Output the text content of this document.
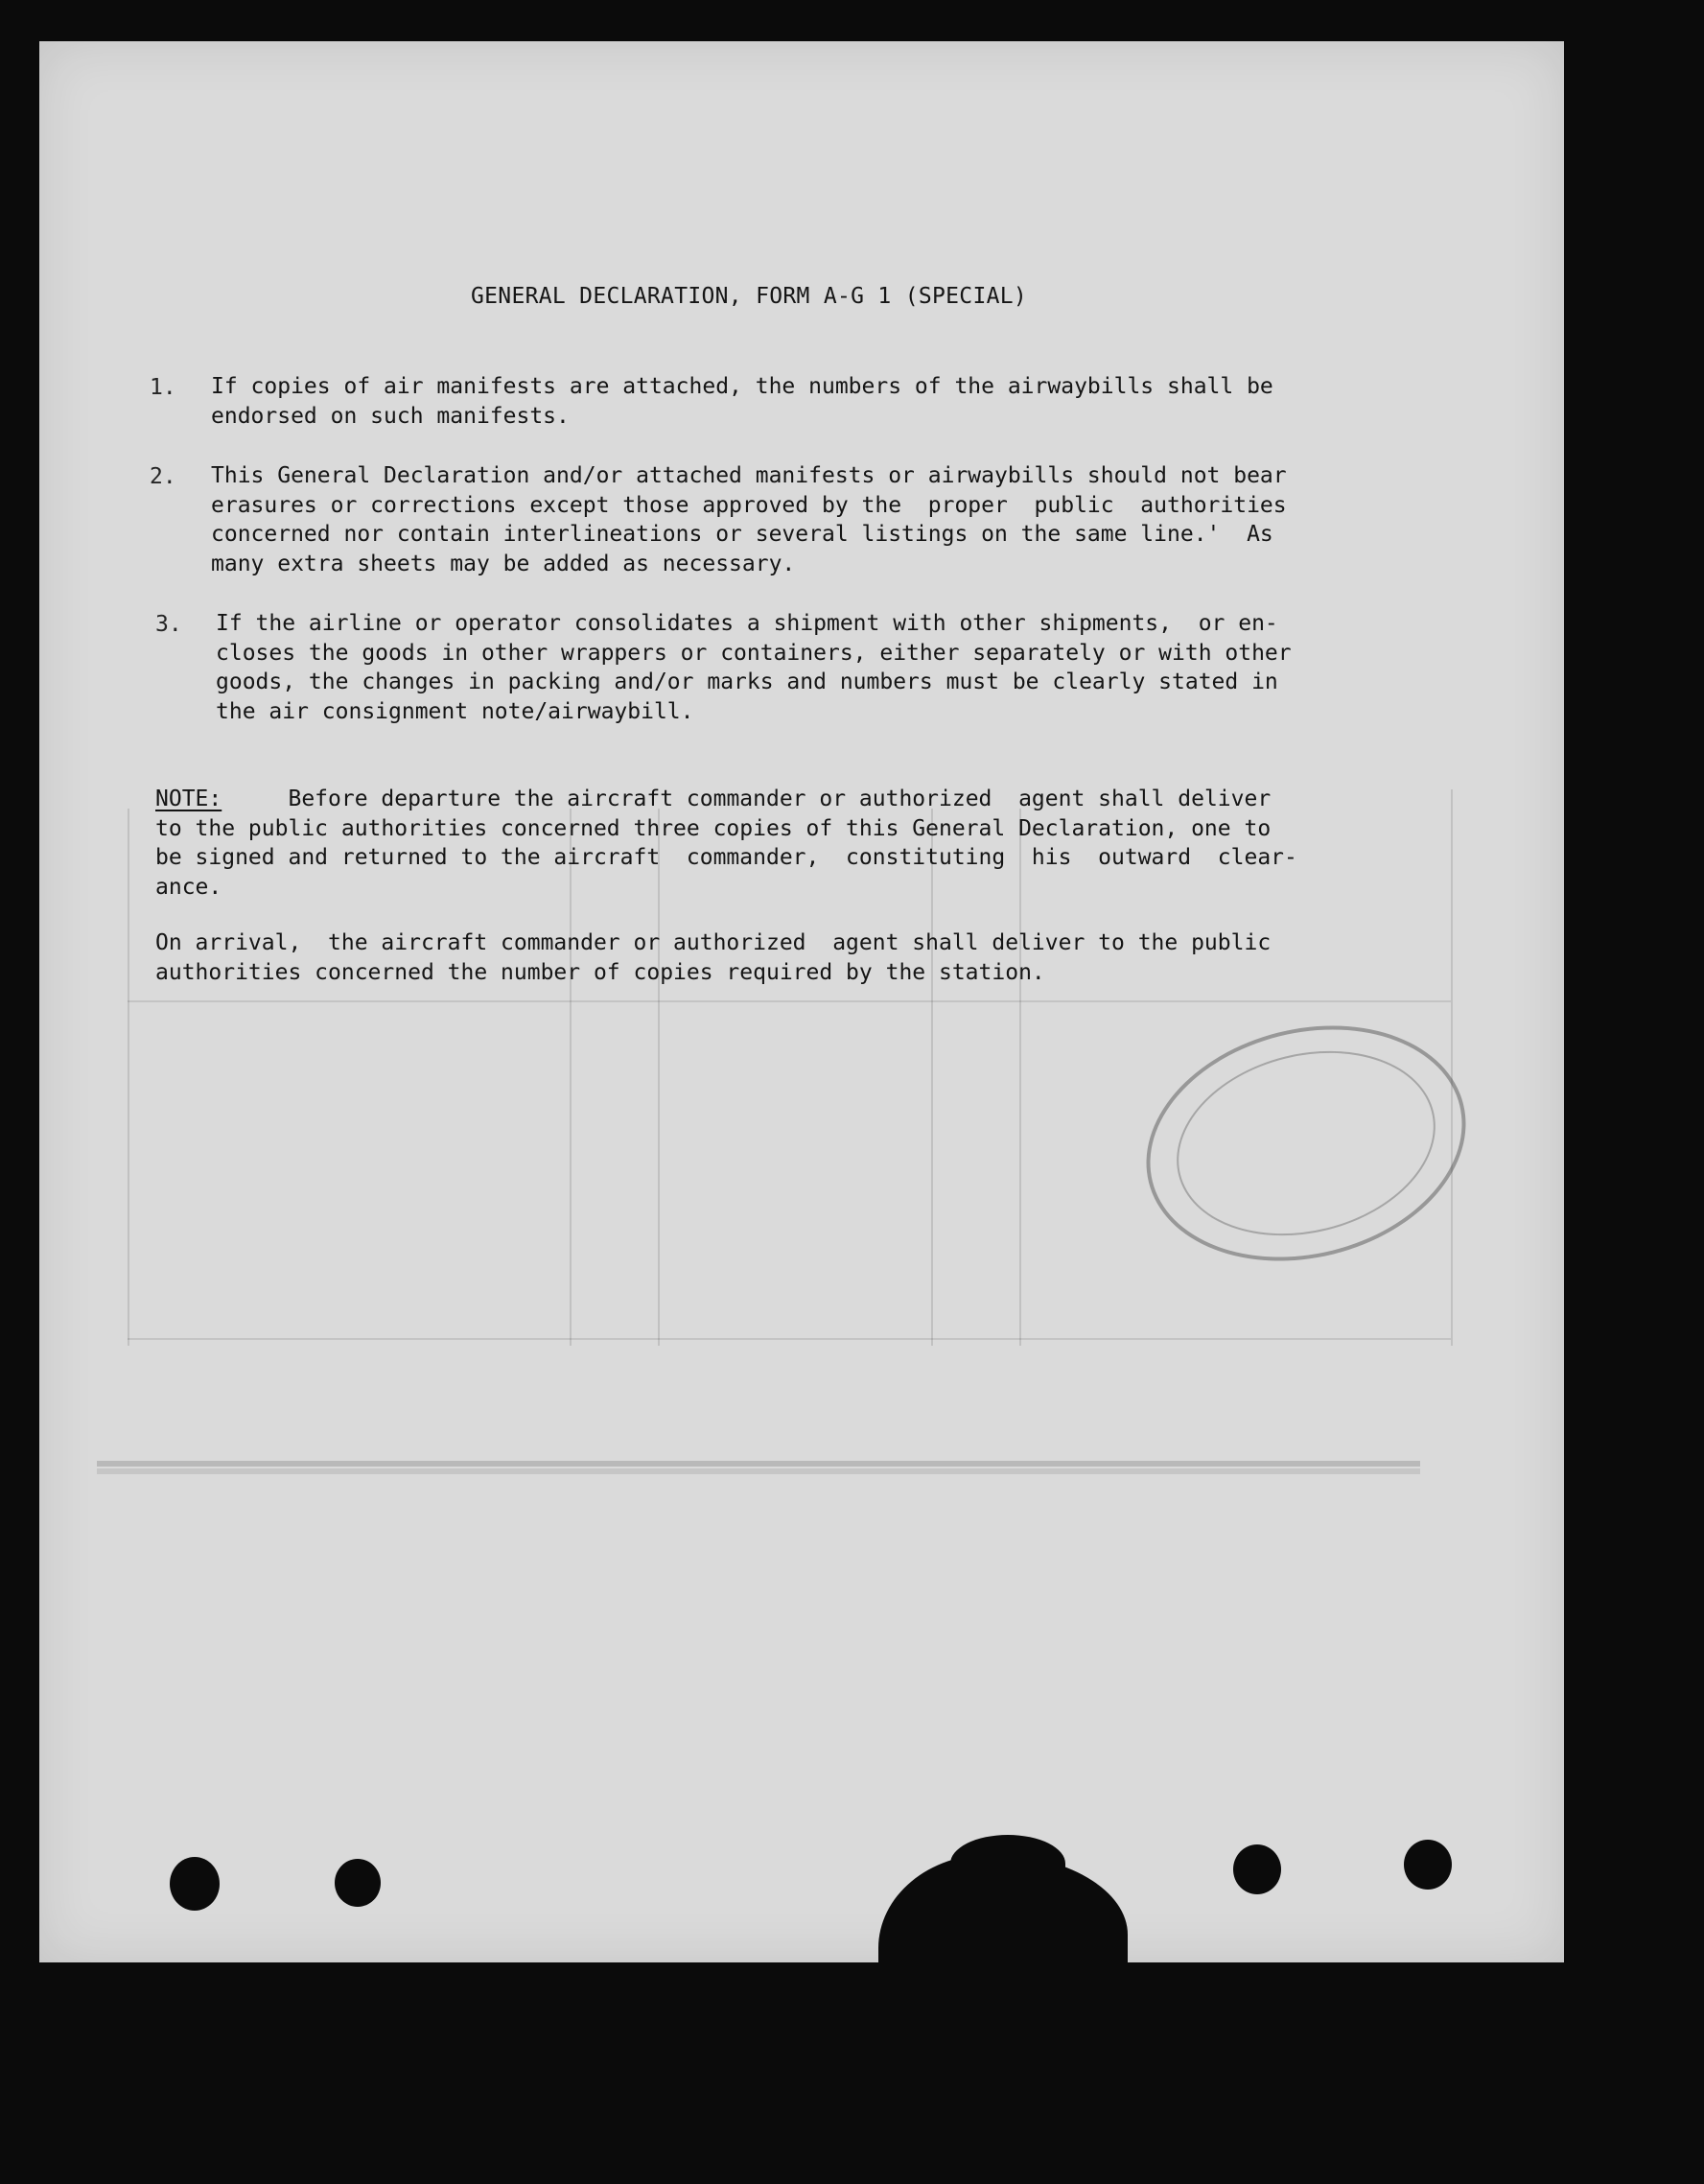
GENERAL DECLARATION, FORM A-G 1 (SPECIAL)
1. If copies of air manifests are attached, the numbers of the airwaybills shall be
endorsed on such manifests.
2. This General Declaration and/or attached manifests or airwaybills should not bear
erasures or corrections except those approved by the  proper  public  authorities
concerned nor contain interlineations or several listings on the same line.'  As
many extra sheets may be added as necessary.
3. If the airline or operator consolidates a shipment with other shipments,  or en-
closes the goods in other wrappers or containers, either separately or with other
goods, the changes in packing and/or marks and numbers must be clearly stated in
the air consignment note/airwaybill.
NOTE:     Before departure the aircraft commander or authorized  agent shall deliver
to the public authorities concerned three copies of this General Declaration, one to
be signed and returned to the aircraft  commander,  constituting  his  outward  clear-
ance.
On arrival,  the aircraft commander or authorized  agent shall deliver to the public
authorities concerned the number of copies required by the station.
